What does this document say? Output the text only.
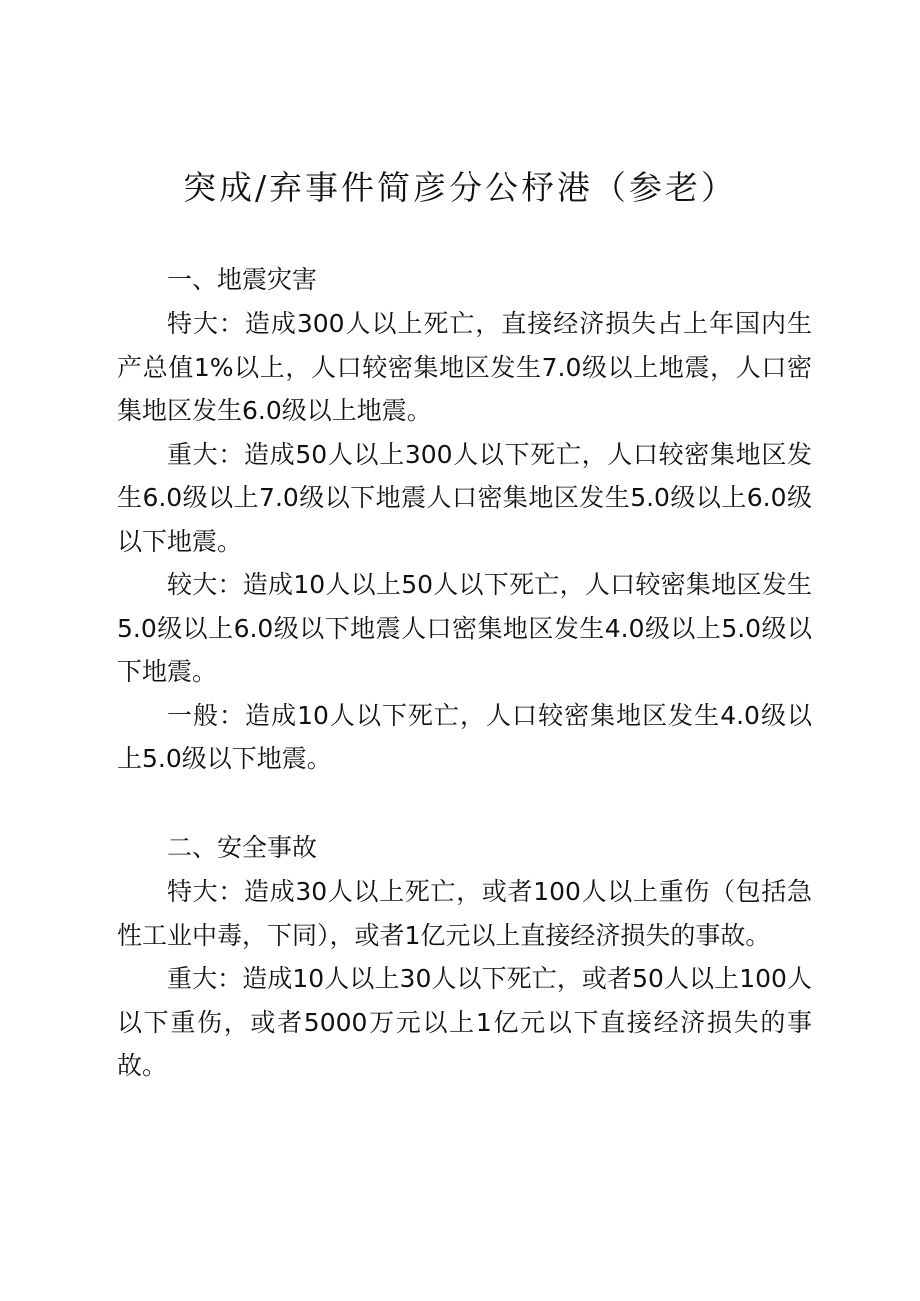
突成/弃事件简彦分公杼港（参老）
一、地震灾害

特大：造成300人以上死亡，直接经济损失占上年国内生产总值1%以上，人口较密集地区发生7.0级以上地震，人口密集地区发生6.0级以上地震。

重大：造成50人以上300人以下死亡，人口较密集地区发生6.0级以上7.0级以下地震人口密集地区发生5.0级以上6.0级以下地震。

较大：造成10人以上50人以下死亡，人口较密集地区发生5.0级以上6.0级以下地震人口密集地区发生4.0级以上5.0级以下地震。

一般：造成10人以下死亡，人口较密集地区发生4.0级以上5.0级以下地震。

二、安全事故

特大：造成30人以上死亡，或者100人以上重伤（包括急性工业中毒，下同），或者1亿元以上直接经济损失的事故。

重大：造成10人以上30人以下死亡，或者50人以上100人以下重伤，或者5000万元以上1亿元以下直接经济损失的事故。
